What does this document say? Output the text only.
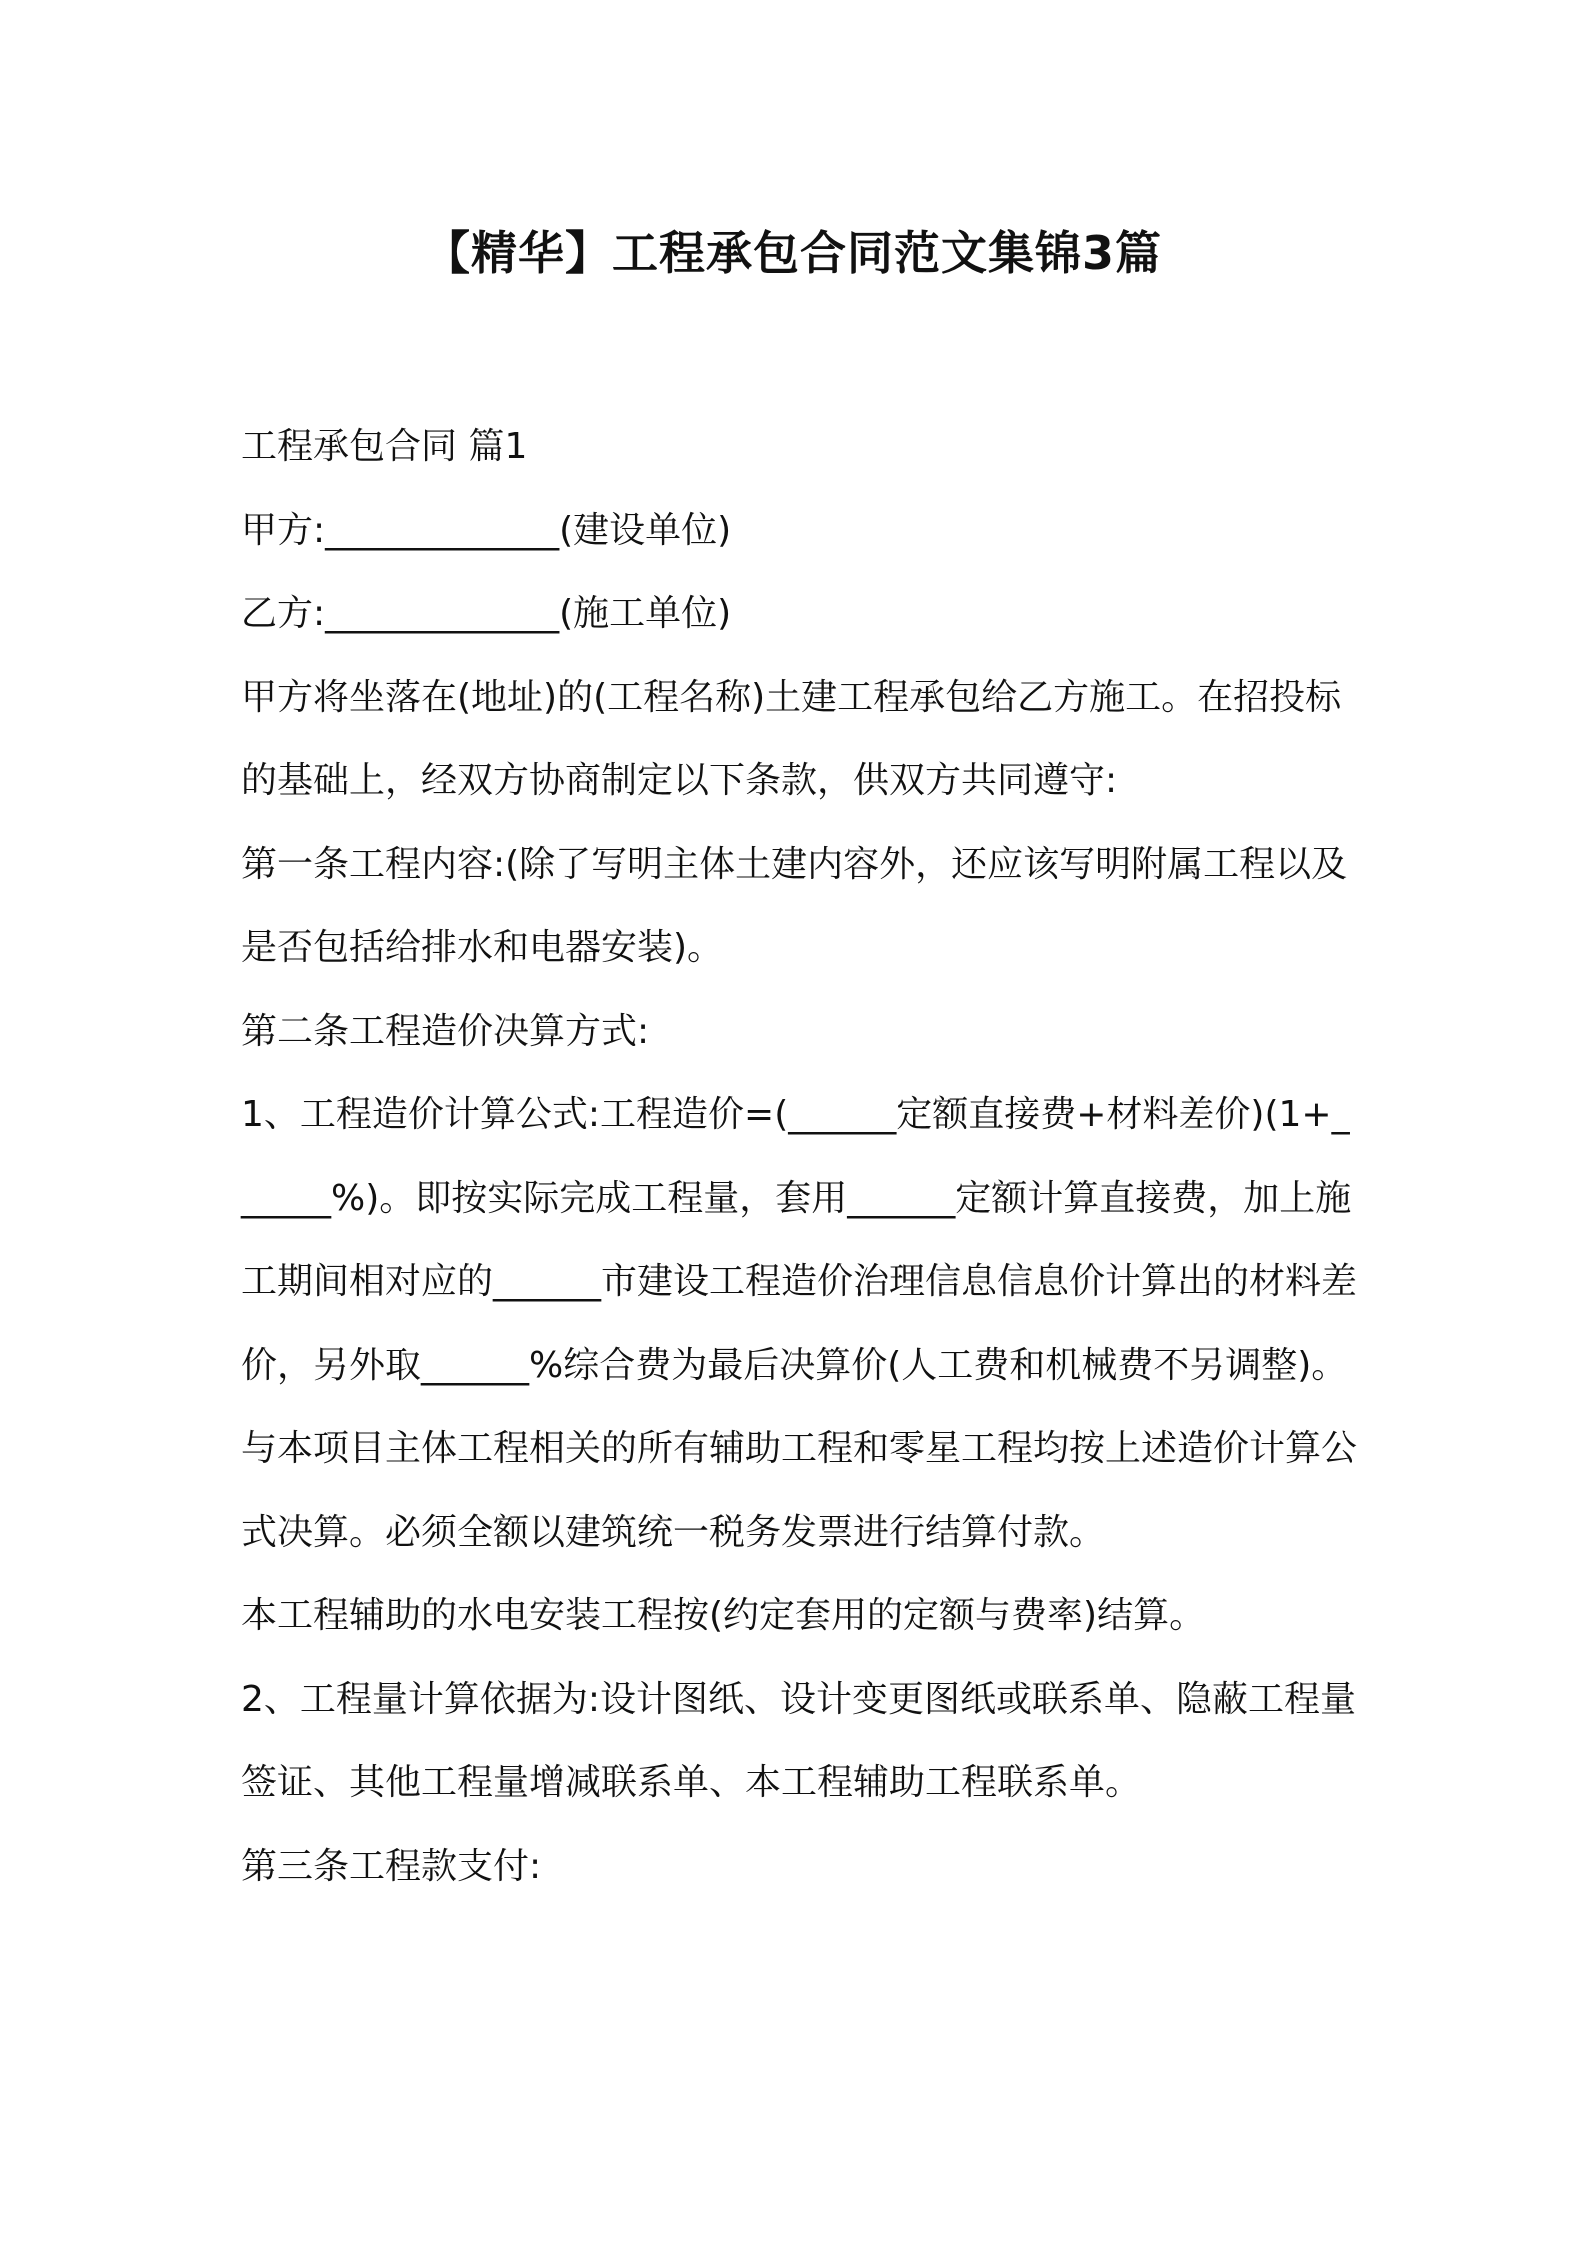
【精华】工程承包合同范文集锦3篇

工程承包合同 篇1

甲方:_____________(建设单位)

乙方:_____________(施工单位)

甲方将坐落在(地址)的(工程名称)土建工程承包给乙方施工。在招投标的基础上，经双方协商制定以下条款，供双方共同遵守:

第一条工程内容:(除了写明主体土建内容外，还应该写明附属工程以及是否包括给排水和电器安装)。

第二条工程造价决算方式:

1、工程造价计算公式:工程造价=(______定额直接费+材料差价)(1+______%)。即按实际完成工程量，套用______定额计算直接费，加上施工期间相对应的______市建设工程造价治理信息信息价计算出的材料差价，另外取______%综合费为最后决算价(人工费和机械费不另调整)。

与本项目主体工程相关的所有辅助工程和零星工程均按上述造价计算公式决算。必须全额以建筑统一税务发票进行结算付款。

本工程辅助的水电安装工程按(约定套用的定额与费率)结算。

2、工程量计算依据为:设计图纸、设计变更图纸或联系单、隐蔽工程量签证、其他工程量增减联系单、本工程辅助工程联系单。

第三条工程款支付:
